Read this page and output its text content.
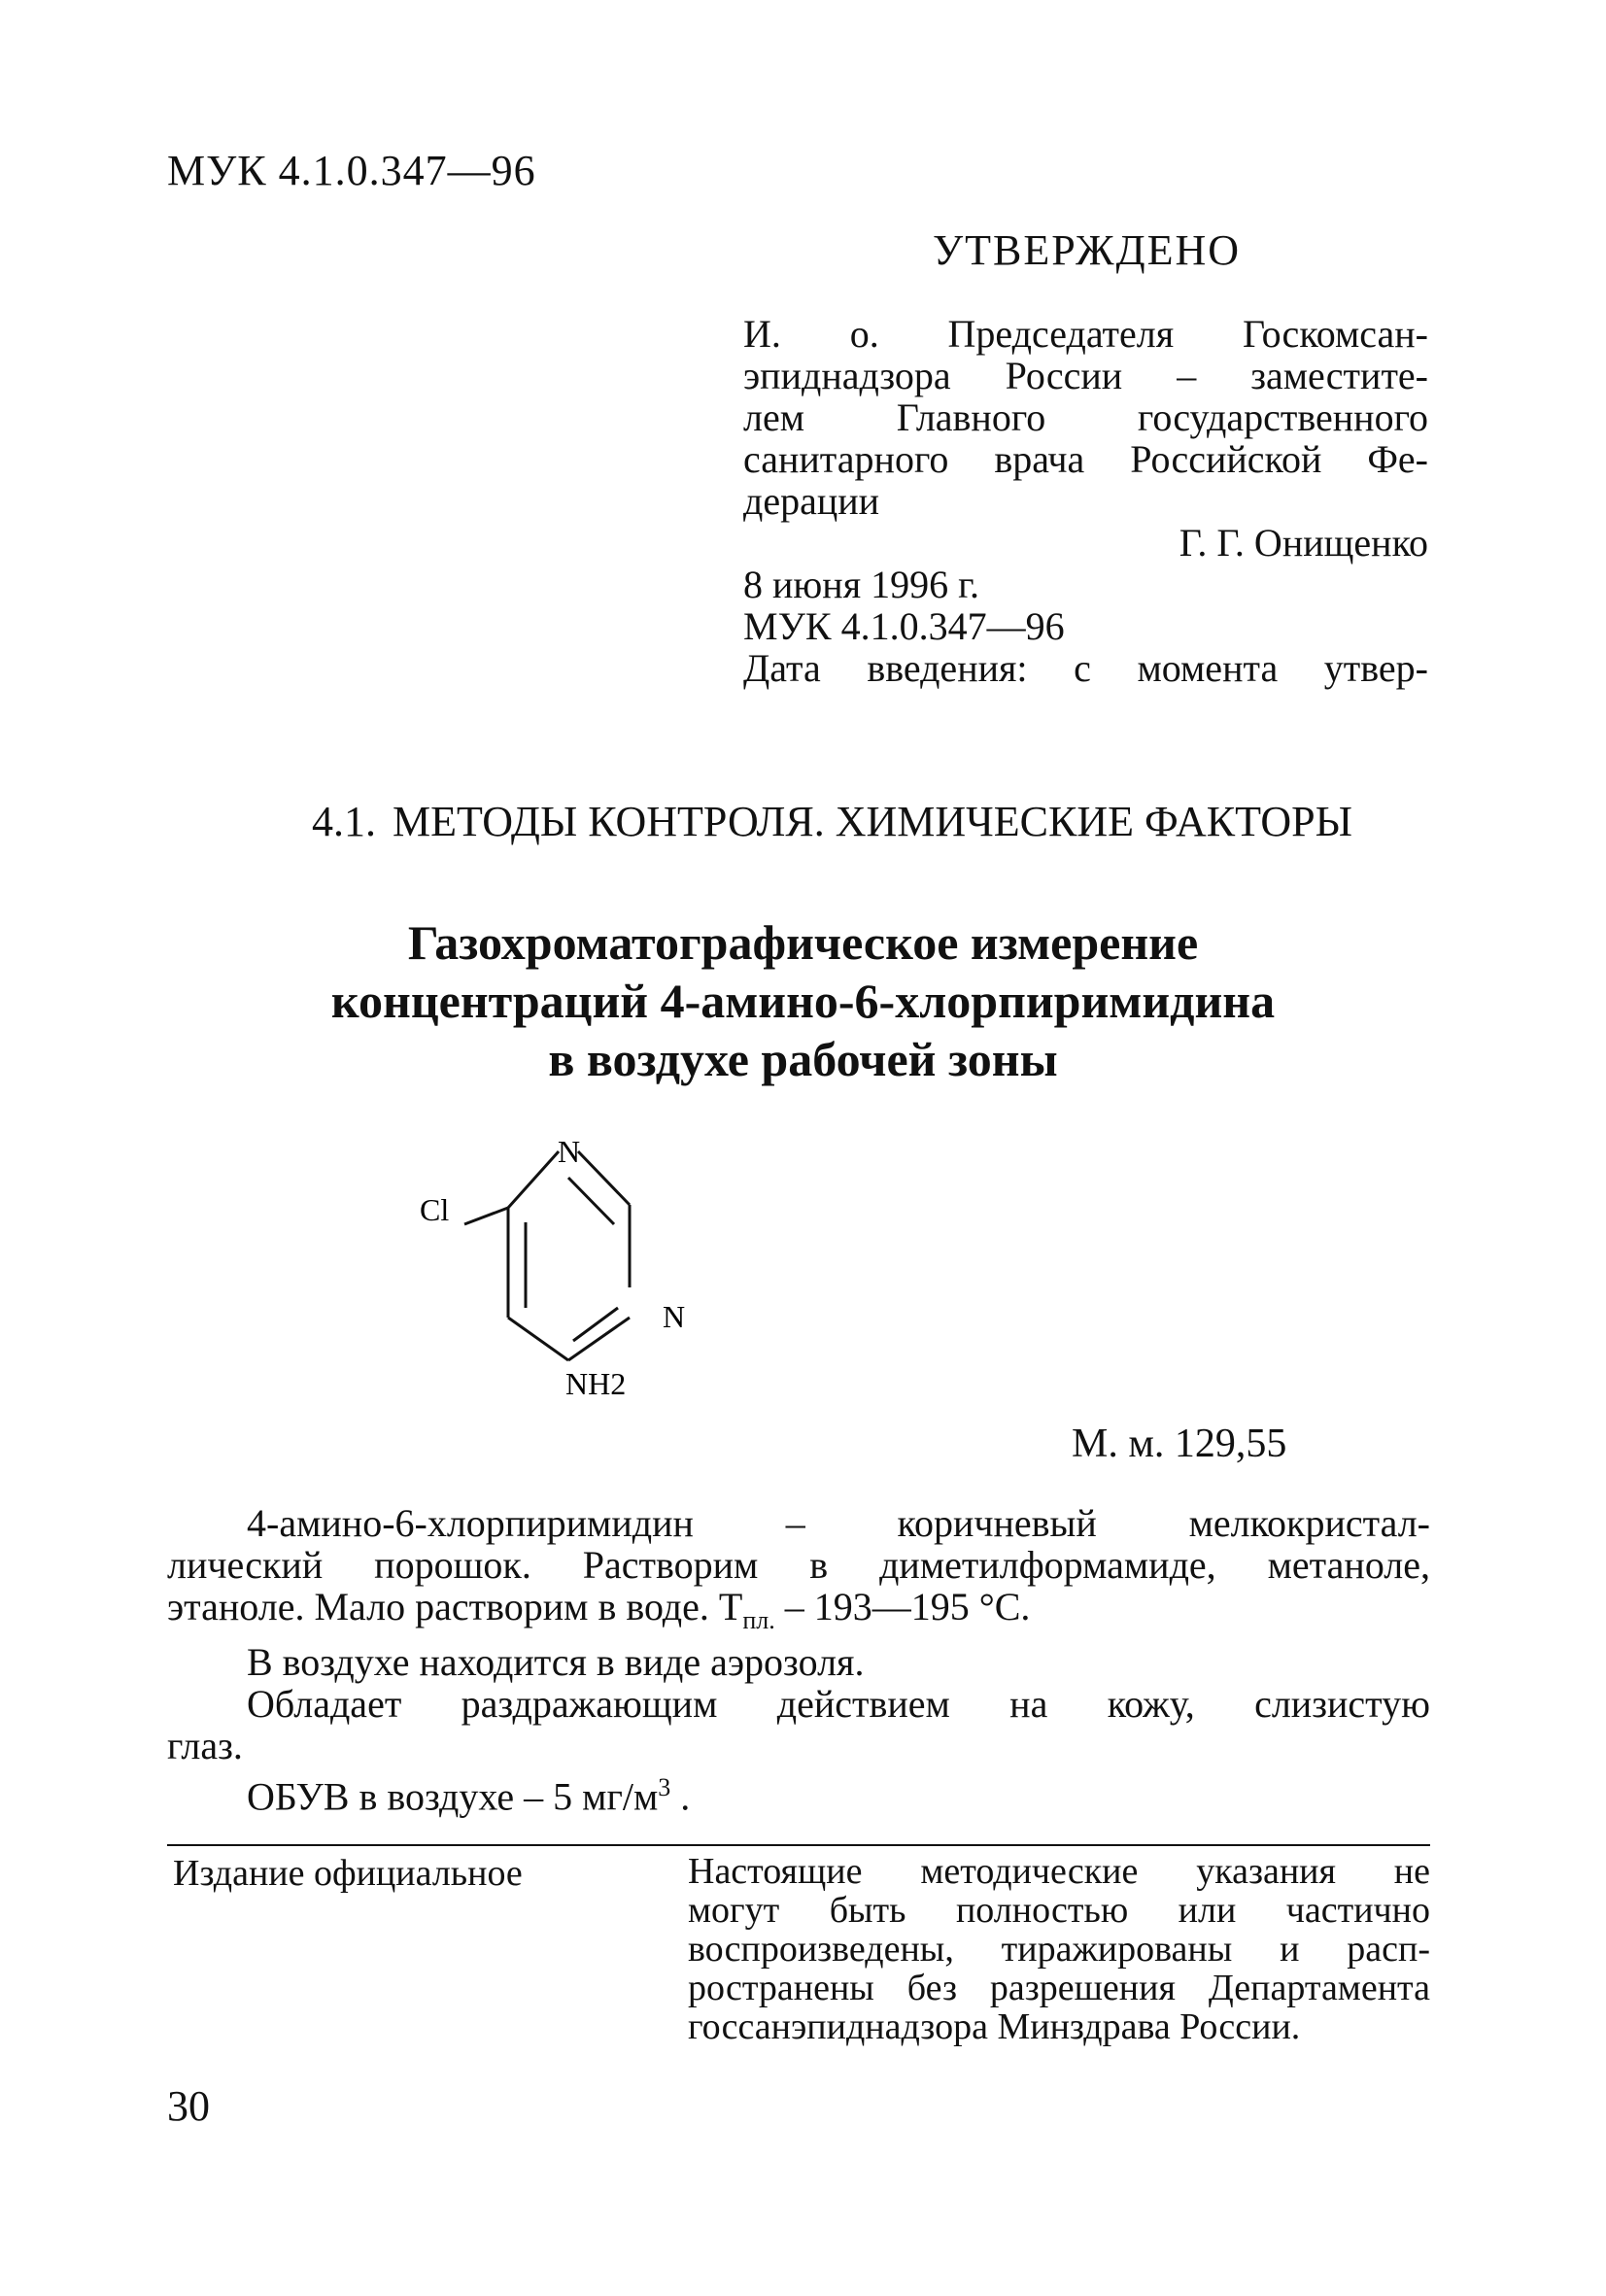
МУК 4.1.0.347—96
УТВЕРЖДЕНО
И. о. Председателя Госкомсан-
эпиднадзора России – заместите-
лем Главного государственного
санитарного врача Российской Фе-
дерации
Г. Г. Онищенко
8 июня 1996 г.
МУК 4.1.0.347—96
Дата введения: с момента утвер-
4.1. МЕТОДЫ КОНТРОЛЯ. ХИМИЧЕСКИЕ ФАКТОРЫ
Газохроматографическое измерение
концентраций 4-амино-6-хлорпиримидина
в воздухе рабочей зоны
N
Cl
N
NH2
М. м. 129,55

4-амино-6-хлорпиримидин – коричневый мелкокристал-

лический порошок. Растворим в диметилформамиде, метаноле,

этаноле. Мало растворим в воде. $Т_{пл.}$ – 193—195 °С.

В воздухе находится в виде аэрозоля.

Обладает раздражающим действием на кожу, слизистую

глаз.

ОБУВ в воздухе – 5 $мг/м^3$ .

Издание официальное	Настоящие методические указания не
могут быть полностью или частично
воспроизведены, тиражированы и расп-
ространены без разрешения Департамента
госсанэпиднадзора Минздрава России.
30
